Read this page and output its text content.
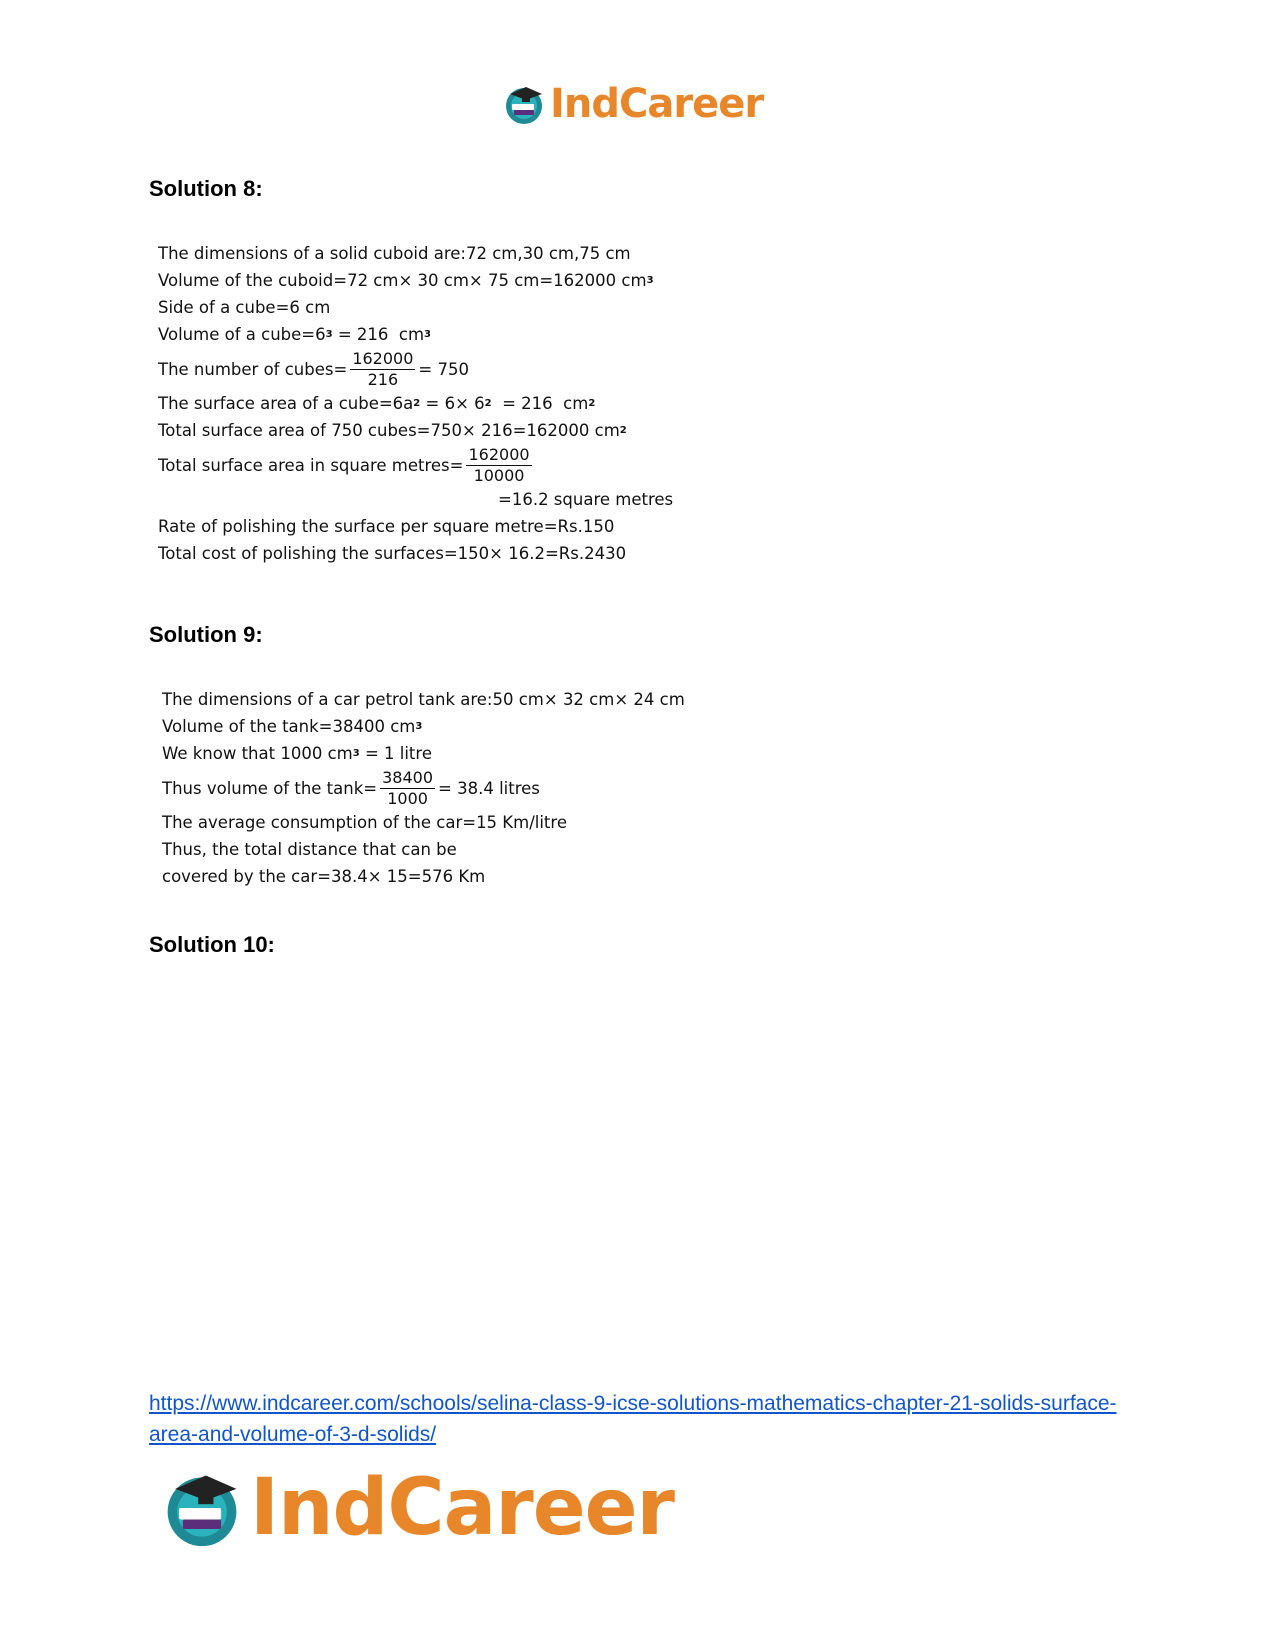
IndCareer
Solution 8:
The dimensions of a solid cuboid are:72 cm,30 cm,75 cm
Volume of the cuboid=72 cm× 30 cm× 75 cm=162000 cm 3
Side of a cube=6 cm
Volume of a cube=6 3 = 216  cm 3
The number of cubes= $\frac{162000}{216} = 750$
The surface area of a cube=6a 2 = 6× 6 2 = 216  cm 2
Total surface area of 750 cubes=750× 216=162000 cm 2
Total surface area in square metres= $\frac{162000}{10000}$
=16.2 square metres
Rate of polishing the surface per square metre=Rs.150
Total cost of polishing the surfaces=150× 16.2=Rs.2430
Solution 9:
The dimensions of a car petrol tank are:50 cm× 32 cm× 24 cm
Volume of the tank=38400 cm 3
We know that 1000 cm 3 = 1 litre
Thus volume of the $\tan k= \frac{38400}{1000} = 38.4$ litres
The average consumption of the car=15 Km/litre
Thus, the total distance that can be
covered by the car=38.4× 15=576 Km
Solution 10:
https://www.indcareer.com/schools/selina-class-9-icse-solutions-mathematics-chapter-21-solids-surface-area-and-volume-of-3-d-solids/
IndCareer
